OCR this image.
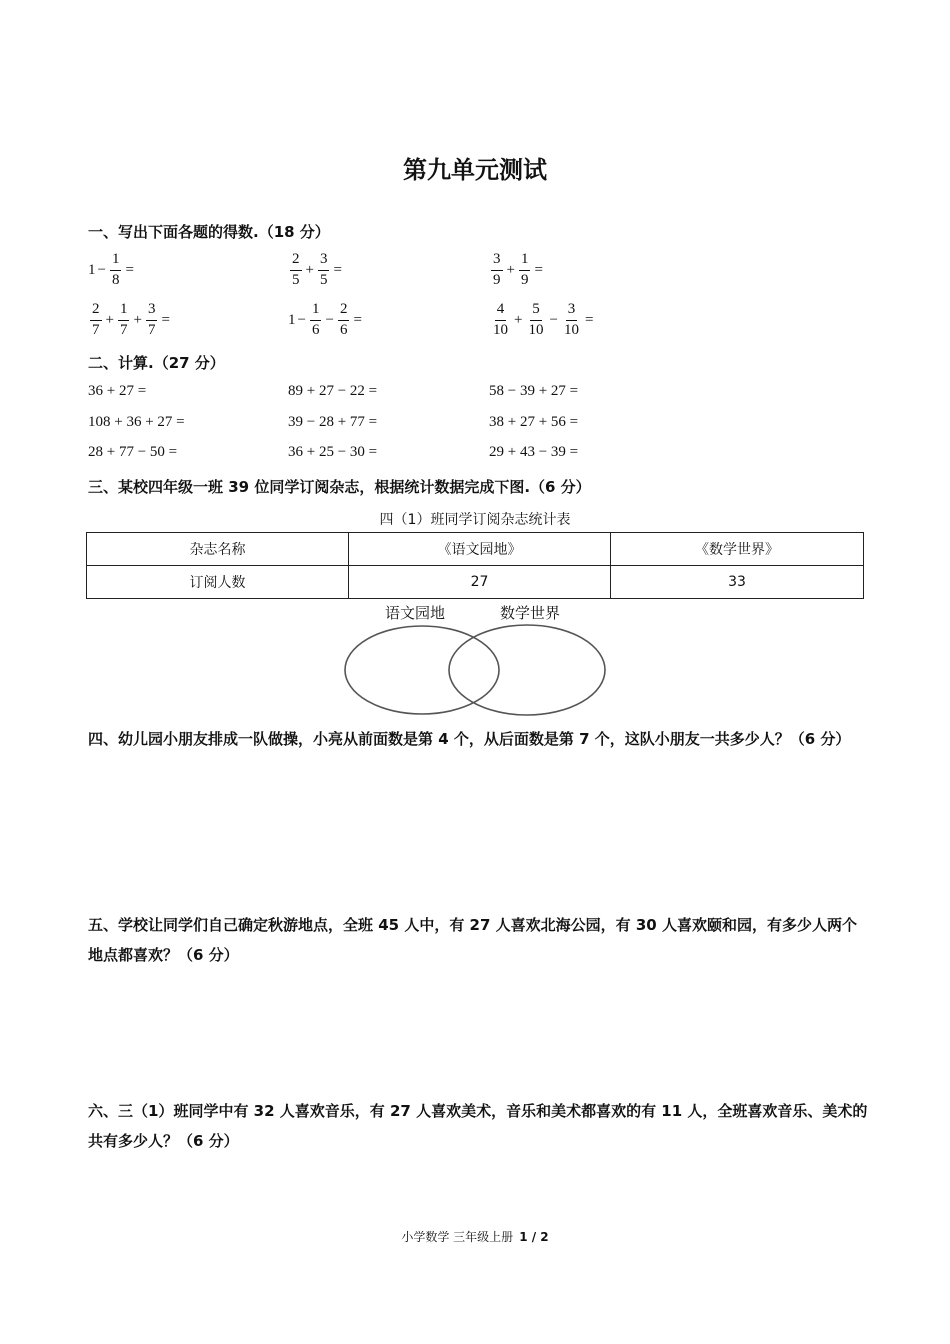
第九单元测试
一、写出下面各题的得数.（18 分）
$1 - \frac{1}{8}$ =	$\frac{2}{5} + \frac{3}{5}$ =	$\frac{3}{9} + \frac{1}{9}$ =
$\frac{2}{7} + \frac{1}{7} + \frac{3}{7}$ =	$1 - \frac{1}{6} - \frac{2}{6}$ =	$\frac{4}{10} + \frac{5}{10} - \frac{3}{10}$ =
二、计算.（27 分）
36 + 27 =	89 + 27 − 22 =	58 − 39 + 27 =
108 + 36 + 27 =	39 − 28 + 77 =	38 + 27 + 56 =
28 + 77 − 50 =	36 + 25 − 30 =	29 + 43 − 39 =
三、某校四年级一班 39 位同学订阅杂志，根据统计数据完成下图.（6 分）
四（1）班同学订阅杂志统计表
杂志名称	《语文园地》	《数学世界》
订阅人数	27	33
语文园地	数学世界
四、幼儿园小朋友排成一队做操，小亮从前面数是第 4 个，从后面数是第 7 个，这队小朋友一共多少人？（6 分）
五、学校让同学们自己确定秋游地点，全班 45 人中，有 27 人喜欢北海公园，有 30 人喜欢颐和园，有多少人两个地点都喜欢？（6 分）
六、三（1）班同学中有 32 人喜欢音乐，有 27 人喜欢美术，音乐和美术都喜欢的有 11 人，全班喜欢音乐、美术的共有多少人？（6 分）
小学数学 三年级上册 1 / 2
